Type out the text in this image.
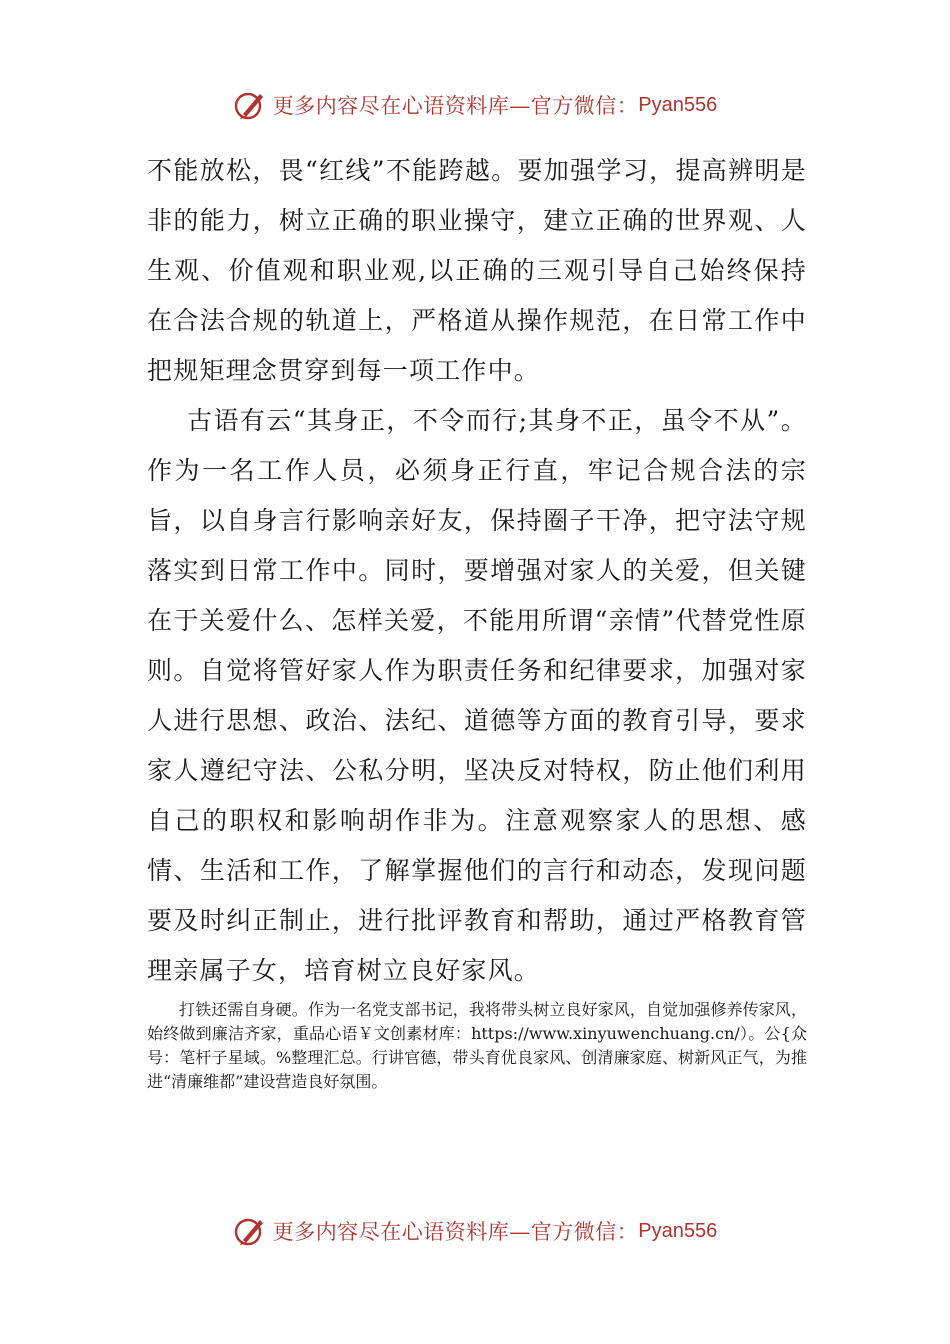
更多内容尽在心语资料库—官方微信： Pyan556

不能放松，畏“红线”不能跨越。要加强学习，提高辨明是非的能力，树立正确的职业操守，建立正确的世界观、人生观、价值观和职业观,以正确的三观引导自己始终保持在合法合规的轨道上，严格道从操作规范，在日常工作中把规矩理念贯穿到每一项工作中。

古语有云“其身正，不令而行;其身不正，虽令不从”。作为一名工作人员，必须身正行直，牢记合规合法的宗旨，以自身言行影响亲好友，保持圈子干净，把守法守规落实到日常工作中。同时，要增强对家人的关爱，但关键在于关爱什么、怎样关爱，不能用所谓“亲情”代替党性原则。自觉将管好家人作为职责任务和纪律要求，加强对家人进行思想、政治、法纪、道德等方面的教育引导，要求家人遵纪守法、公私分明，坚决反对特权，防止他们利用自己的职权和影响胡作非为。注意观察家人的思想、感情、生活和工作，了解掌握他们的言行和动态，发现问题要及时纠正制止，进行批评教育和帮助，通过严格教育管理亲属子女，培育树立良好家风。

打铁还需自身硬。作为一名党支部书记，我将带头树立良好家风，自觉加强修养传家风，始终做到廉洁齐家，重品心语￥文创素材库：https://www.xinyuwenchuang.cn/）。公{众号：笔杆子星域。%整理汇总。行讲官德，带头育优良家风、创清廉家庭、树新风正气，为推进“清廉维都”建设营造良好氛围。

更多内容尽在心语资料库—官方微信： Pyan556
